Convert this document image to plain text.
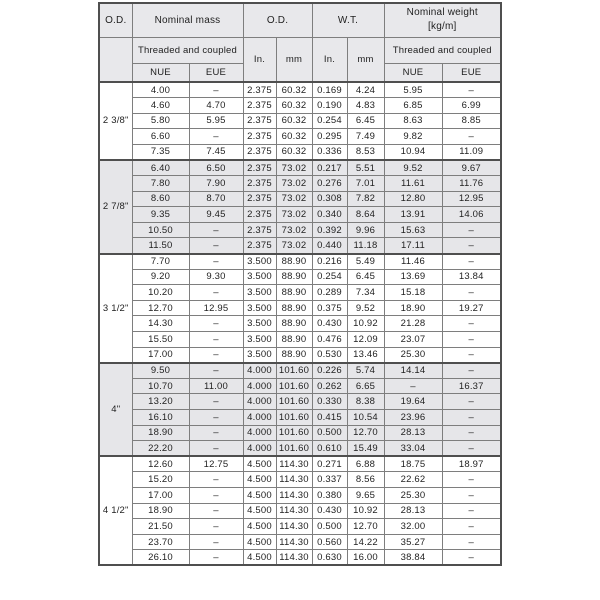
O.D.	Nominal mass		O.D.		W.T.		Nominal weight
[kg/m]	

	Threaded and coupled		In.	mm	In.	mm	Threaded and coupled	
	NUE	EUE					NUE	EUE
2 3/8"	4.00	–	2.375	60.32	0.169	4.24	5.95	–
	4.60	4.70	2.375	60.32	0.190	4.83	6.85	6.99
	5.80	5.95	2.375	60.32	0.254	6.45	8.63	8.85
	6.60	–	2.375	60.32	0.295	7.49	9.82	–
	7.35	7.45	2.375	60.32	0.336	8.53	10.94	11.09
2 7/8"	6.40	6.50	2.375	73.02	0.217	5.51	9.52	9.67
	7.80	7.90	2.375	73.02	0.276	7.01	11.61	11.76
	8.60	8.70	2.375	73.02	0.308	7.82	12.80	12.95
	9.35	9.45	2.375	73.02	0.340	8.64	13.91	14.06
	10.50	–	2.375	73.02	0.392	9.96	15.63	–
	11.50	–	2.375	73.02	0.440	11.18	17.11	–
3 1/2"	7.70	–	3.500	88.90	0.216	5.49	11.46	–
	9.20	9.30	3.500	88.90	0.254	6.45	13.69	13.84
	10.20	–	3.500	88.90	0.289	7.34	15.18	–
	12.70	12.95	3.500	88.90	0.375	9.52	18.90	19.27
	14.30	–	3.500	88.90	0.430	10.92	21.28	–
	15.50	–	3.500	88.90	0.476	12.09	23.07	–
	17.00	–	3.500	88.90	0.530	13.46	25.30	–
4"	9.50	–	4.000	101.60	0.226	5.74	14.14	–
	10.70	11.00	4.000	101.60	0.262	6.65	–	16.37
	13.20	–	4.000	101.60	0.330	8.38	19.64	–
	16.10	–	4.000	101.60	0.415	10.54	23.96	–
	18.90	–	4.000	101.60	0.500	12.70	28.13	–
	22.20	–	4.000	101.60	0.610	15.49	33.04	–
4 1/2"	12.60	12.75	4.500	114.30	0.271	6.88	18.75	18.97
	15.20	–	4.500	114.30	0.337	8.56	22.62	–
	17.00	–	4.500	114.30	0.380	9.65	25.30	–
	18.90	–	4.500	114.30	0.430	10.92	28.13	–
	21.50	–	4.500	114.30	0.500	12.70	32.00	–
	23.70	–	4.500	114.30	0.560	14.22	35.27	–
	26.10	–	4.500	114.30	0.630	16.00	38.84	–
